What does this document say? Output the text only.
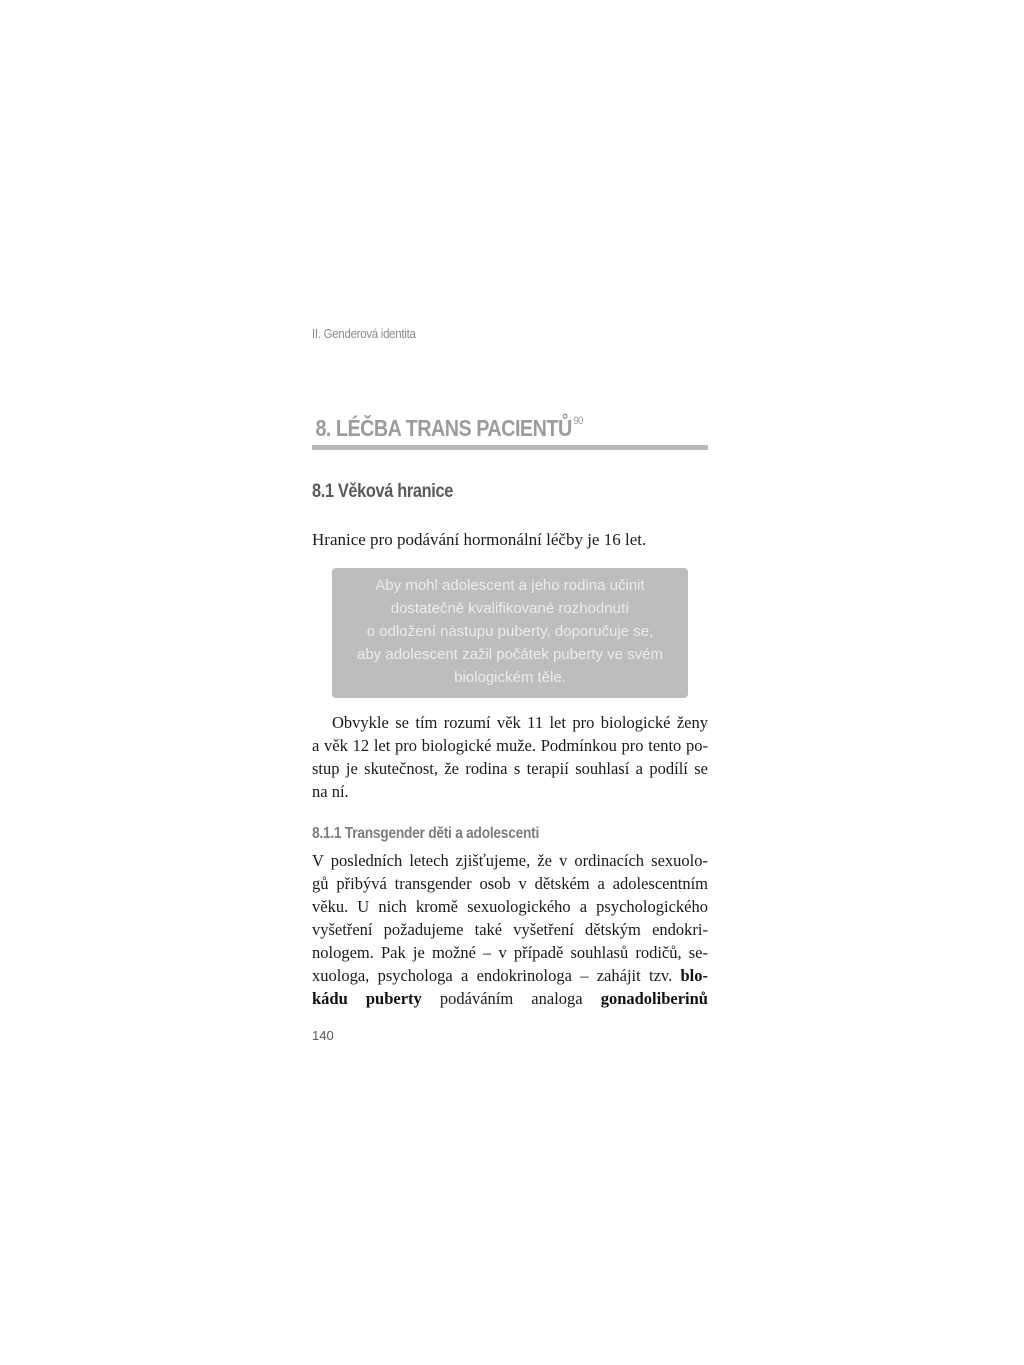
II. Genderová identita
8. LÉČBA TRANS PACIENTŮ $^{90}$
8.1 Věková hranice
Hranice pro podávání hormonální léčby je 16 let.
Aby mohl adolescent a jeho rodina učinit
dostatečně kvalifikované rozhodnutí
o odložení nástupu puberty, doporučuje se,
aby adolescent zažil počátek puberty ve svém
biologickém těle.
Obvykle se tím rozumí věk 11 let pro biologické ženy
a věk 12 let pro biologické muže. Podmínkou pro tento po-
stup je skutečnost, že rodina s terapií souhlasí a podílí se
na ní.
8.1.1 Transgender děti a adolescenti
V posledních letech zjišťujeme, že v ordinacích sexuolo-
gů přibývá transgender osob v dětském a adolescentním
věku. U nich kromě sexuologického a psychologického
vyšetření požadujeme také vyšetření dětským endokri-
nologem. Pak je možné – v případě souhlasů rodičů, se-
xuologa, psychologa a endokrinologa – zahájit tzv. blo-
kádu puberty podáváním analoga gonadoliberinů
140
